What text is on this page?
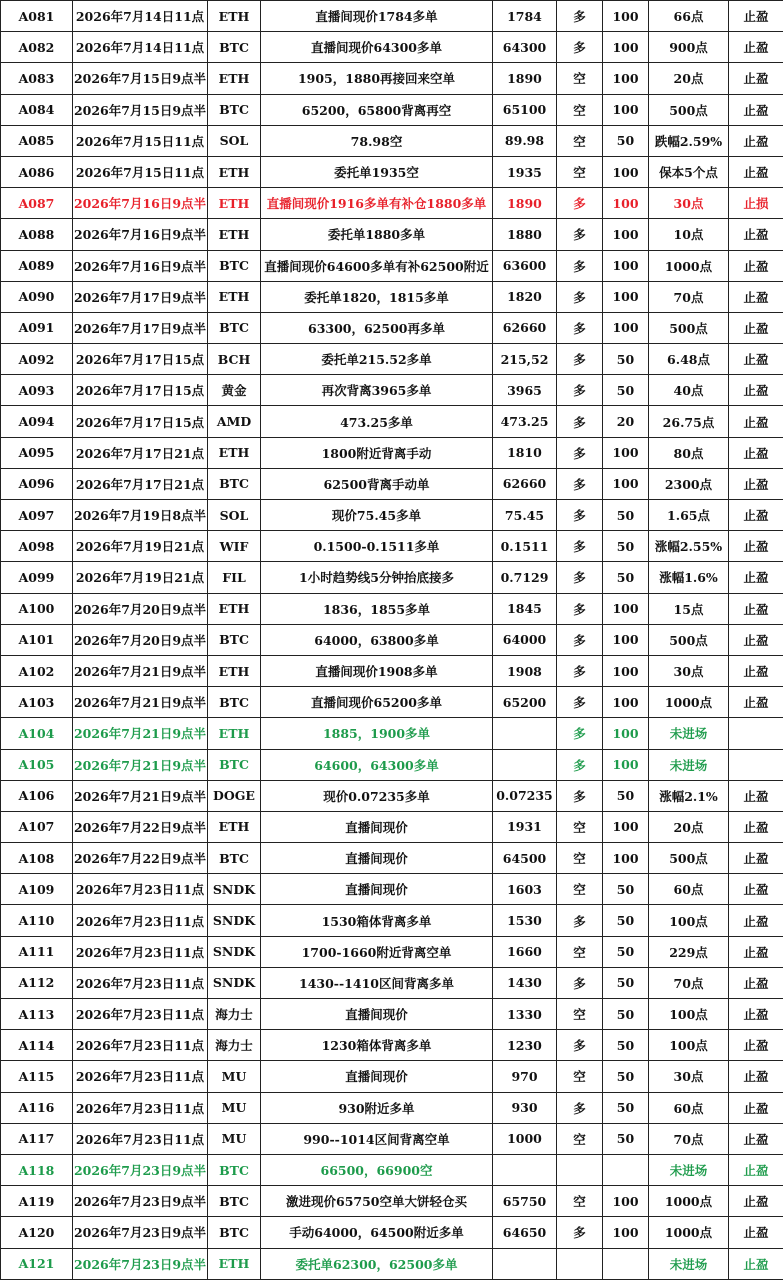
A081	2026年7月14日11点	ETH	直播间现价1784多单	1784	多	100	66点	止盈
A082	2026年7月14日11点	BTC	直播间现价64300多单	64300	多	100	900点	止盈
A083	2026年7月15日9点半	ETH	1905，1880再接回来空单	1890	空	100	20点	止盈
A084	2026年7月15日9点半	BTC	65200，65800背离再空	65100	空	100	500点	止盈
A085	2026年7月15日11点	SOL	78.98空	89.98	空	50	跌幅2.59%	止盈
A086	2026年7月15日11点	ETH	委托单1935空	1935	空	100	保本5个点	止盈
A087	2026年7月16日9点半	ETH	直播间现价1916多单有补仓1880多单	1890	多	100	30点	止损
A088	2026年7月16日9点半	ETH	委托单1880多单	1880	多	100	10点	止盈
A089	2026年7月16日9点半	BTC	直播间现价64600多单有补62500附近	63600	多	100	1000点	止盈
A090	2026年7月17日9点半	ETH	委托单1820，1815多单	1820	多	100	70点	止盈
A091	2026年7月17日9点半	BTC	63300，62500再多单	62660	多	100	500点	止盈
A092	2026年7月17日15点	BCH	委托单215.52多单	215,52	多	50	6.48点	止盈
A093	2026年7月17日15点	黄金	再次背离3965多单	3965	多	50	40点	止盈
A094	2026年7月17日15点	AMD	473.25多单	473.25	多	20	26.75点	止盈
A095	2026年7月17日21点	ETH	1800附近背离手动	1810	多	100	80点	止盈
A096	2026年7月17日21点	BTC	62500背离手动单	62660	多	100	2300点	止盈
A097	2026年7月19日8点半	SOL	现价75.45多单	75.45	多	50	1.65点	止盈
A098	2026年7月19日21点	WIF	0.1500-0.1511多单	0.1511	多	50	涨幅2.55%	止盈
A099	2026年7月19日21点	FIL	1小时趋势线5分钟抬底接多	0.7129	多	50	涨幅1.6%	止盈
A100	2026年7月20日9点半	ETH	1836，1855多单	1845	多	100	15点	止盈
A101	2026年7月20日9点半	BTC	64000，63800多单	64000	多	100	500点	止盈
A102	2026年7月21日9点半	ETH	直播间现价1908多单	1908	多	100	30点	止盈
A103	2026年7月21日9点半	BTC	直播间现价65200多单	65200	多	100	1000点	止盈
A104	2026年7月21日9点半	ETH	1885，1900多单		多	100	未进场	
A105	2026年7月21日9点半	BTC	64600，64300多单		多	100	未进场	
A106	2026年7月21日9点半	DOGE	现价0.07235多单	0.07235	多	50	涨幅2.1%	止盈
A107	2026年7月22日9点半	ETH	直播间现价	1931	空	100	20点	止盈
A108	2026年7月22日9点半	BTC	直播间现价	64500	空	100	500点	止盈
A109	2026年7月23日11点	SNDK	直播间现价	1603	空	50	60点	止盈
A110	2026年7月23日11点	SNDK	1530箱体背离多单	1530	多	50	100点	止盈
A111	2026年7月23日11点	SNDK	1700-1660附近背离空单	1660	空	50	229点	止盈
A112	2026年7月23日11点	SNDK	1430--1410区间背离多单	1430	多	50	70点	止盈
A113	2026年7月23日11点	海力士	直播间现价	1330	空	50	100点	止盈
A114	2026年7月23日11点	海力士	1230箱体背离多单	1230	多	50	100点	止盈
A115	2026年7月23日11点	MU	直播间现价	970	空	50	30点	止盈
A116	2026年7月23日11点	MU	930附近多单	930	多	50	60点	止盈
A117	2026年7月23日11点	MU	990--1014区间背离空单	1000	空	50	70点	止盈
A118	2026年7月23日9点半	BTC	66500，66900空				未进场	止盈
A119	2026年7月23日9点半	BTC	激进现价65750空单大饼轻仓买	65750	空	100	1000点	止盈
A120	2026年7月23日9点半	BTC	手动64000，64500附近多单	64650	多	100	1000点	止盈
A121	2026年7月23日9点半	ETH	委托单62300，62500多单				未进场	止盈
